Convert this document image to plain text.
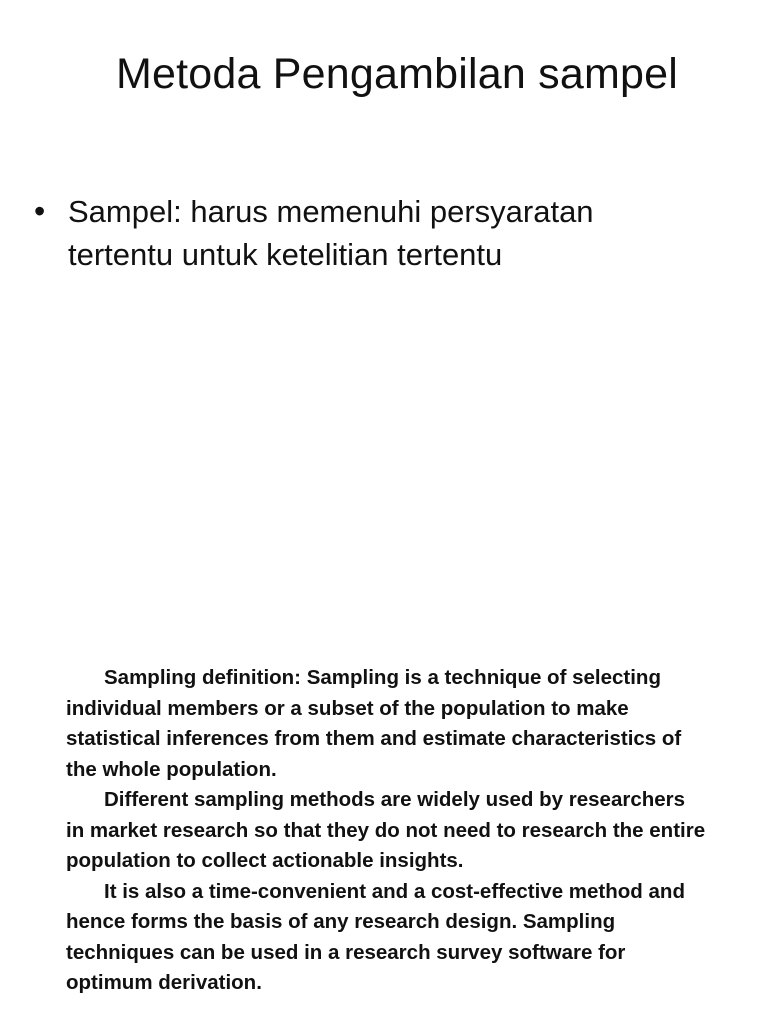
Metoda Pengambilan sampel
• Sampel: harus memenuhi persyaratan tertentu untuk ketelitian tertentu

Sampling definition: Sampling is a technique of selecting individual members or a subset of the population to make statistical inferences from them and estimate characteristics of the whole population.

Different sampling methods are widely used by researchers in market research so that they do not need to research the entire population to collect actionable insights.

It is also a time-convenient and a cost-effective method and hence forms the basis of any research design. Sampling techniques can be used in a research survey software for optimum derivation.
